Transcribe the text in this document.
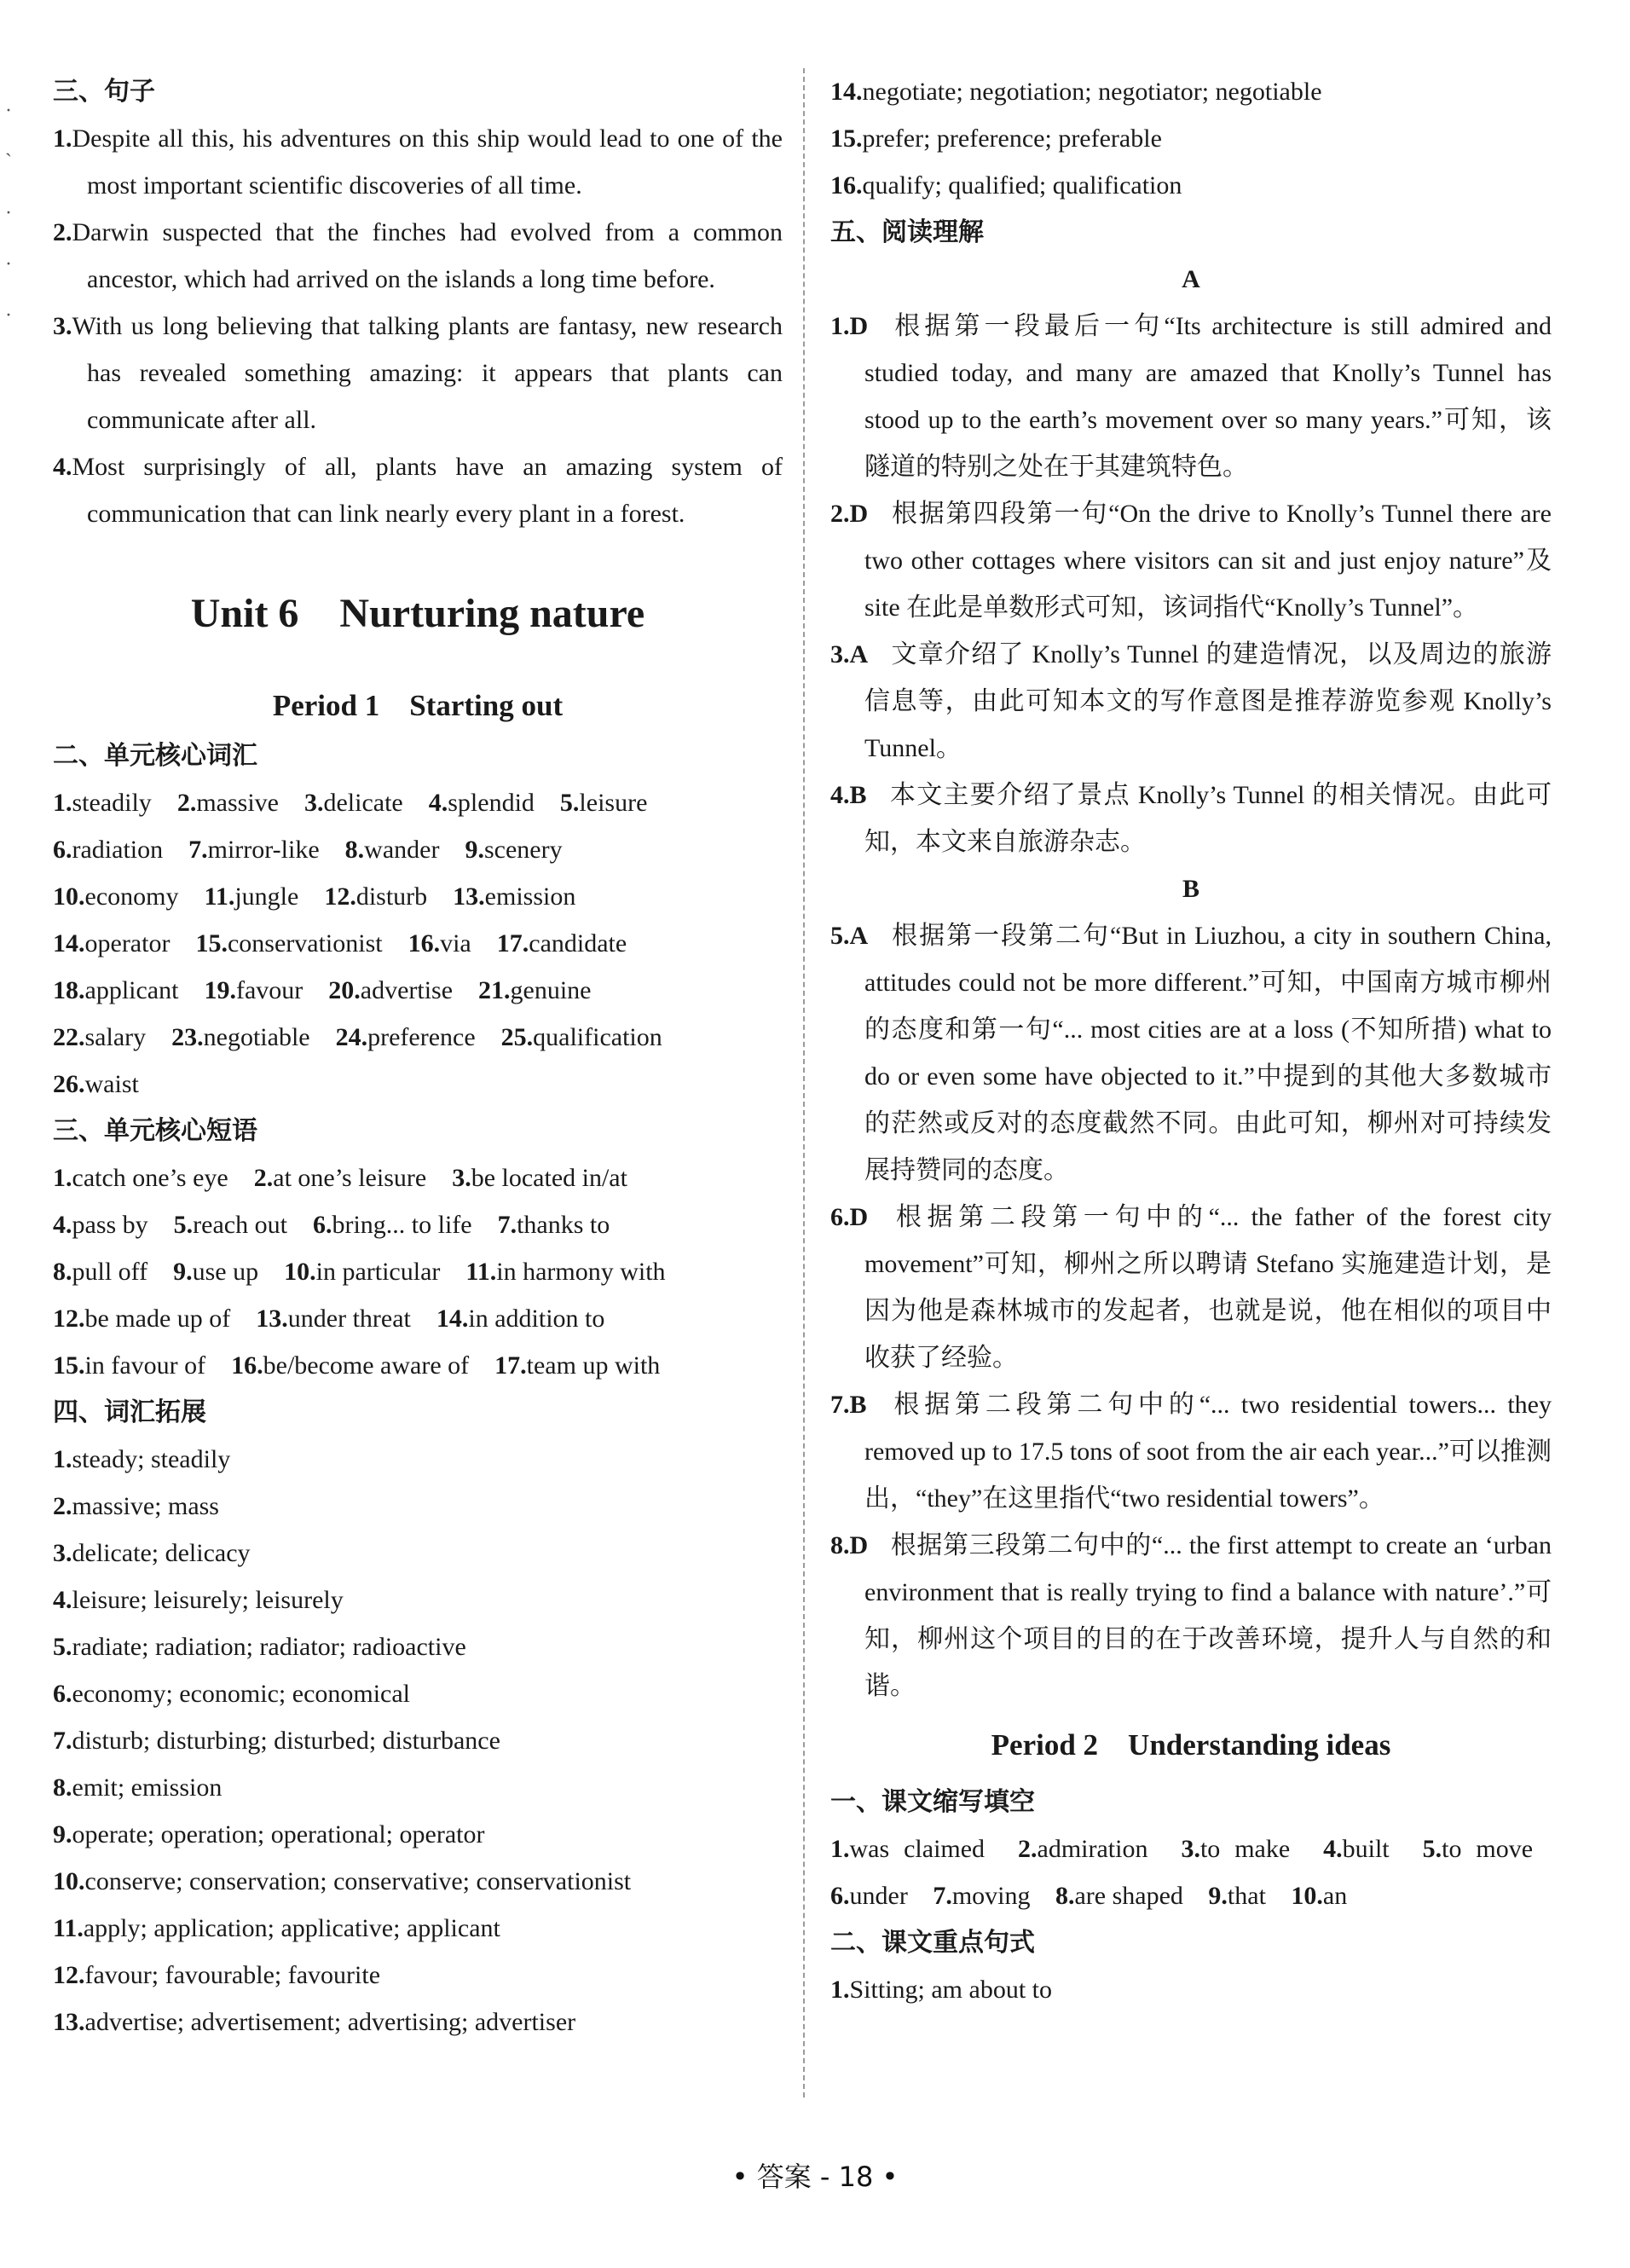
·
`
·
·
·

三、句子

1.Despite all this, his adventures on this ship would lead to one of the most important scientific discoveries of all time.

2.Darwin suspected that the finches had evolved from a common ancestor, which had arrived on the islands a long time before.

3.With us long believing that talking plants are fantasy, new research has revealed something amazing: it appears that plants can communicate after all.

4.Most surprisingly of all, plants have an amazing system of communication that can link nearly every plant in a forest.

Unit 6　Nurturing nature
Period 1　Starting out

二、单元核心词汇

1.steadily 2.massive 3.delicate 4.splendid 5.leisure

6.radiation 7.mirror-like 8.wander 9.scenery

10.economy 11.jungle 12.disturb 13.emission

14.operator 15.conservationist 16.via 17.candidate

18.applicant 19.favour 20.advertise 21.genuine

22.salary 23.negotiable 24.preference 25.qualification

26.waist

三、单元核心短语

1.catch one’s eye 2.at one’s leisure 3.be located in/at

4.pass by 5.reach out 6.bring... to life 7.thanks to

8.pull off 9.use up 10.in particular 11.in harmony with

12.be made up of 13.under threat 14.in addition to

15.in favour of 16.be/become aware of 17.team up with

四、词汇拓展

1.steady; steadily

2.massive; mass

3.delicate; delicacy

4.leisure; leisurely; leisurely

5.radiate; radiation; radiator; radioactive

6.economy; economic; economical

7.disturb; disturbing; disturbed; disturbance

8.emit; emission

9.operate; operation; operational; operator

10.conserve; conservation; conservative; conservationist

11.apply; application; applicative; applicant

12.favour; favourable; favourite

13.advertise; advertisement; advertising; advertiser

14.negotiate; negotiation; negotiator; negotiable

15.prefer; preference; preferable

16.qualify; qualified; qualification

五、阅读理解

A

1.D 根据第一段最后一句“Its architecture is still admired and studied today, and many are amazed that Knolly’s Tunnel has stood up to the earth’s movement over so many years.”可知，该隧道的特别之处在于其建筑特色。

2.D 根据第四段第一句“On the drive to Knolly’s Tunnel there are two other cottages where visitors can sit and just enjoy nature”及 site 在此是单数形式可知，该词指代“Knolly’s Tunnel”。

3.A 文章介绍了 Knolly’s Tunnel 的建造情况，以及周边的旅游信息等，由此可知本文的写作意图是推荐游览参观 Knolly’s Tunnel。

4.B 本文主要介绍了景点 Knolly’s Tunnel 的相关情况。由此可知，本文来自旅游杂志。

B

5.A 根据第一段第二句“But in Liuzhou, a city in southern China, attitudes could not be more different.”可知，中国南方城市柳州的态度和第一句“... most cities are at a loss (不知所措) what to do or even some have objected to it.”中提到的其他大多数城市的茫然或反对的态度截然不同。由此可知，柳州对可持续发展持赞同的态度。

6.D 根据第二段第一句中的“... the father of the forest city movement”可知，柳州之所以聘请 Stefano 实施建造计划，是因为他是森林城市的发起者，也就是说，他在相似的项目中收获了经验。

7.B 根据第二段第二句中的“... two residential towers... they removed up to 17.5 tons of soot from the air each year...”可以推测出，“they”在这里指代“two residential towers”。

8.D 根据第三段第二句中的“... the first attempt to create an ‘urban environment that is really trying to find a balance with nature’.”可知，柳州这个项目的目的在于改善环境，提升人与自然的和谐。

Period 2　Understanding ideas

一、课文缩写填空

1.was claimed 2.admiration 3.to make 4.built 5.to move 6.under 7.moving 8.are shaped 9.that 10.an

二、课文重点句式

1.Sitting; am about to

• 答案 - 18 •
